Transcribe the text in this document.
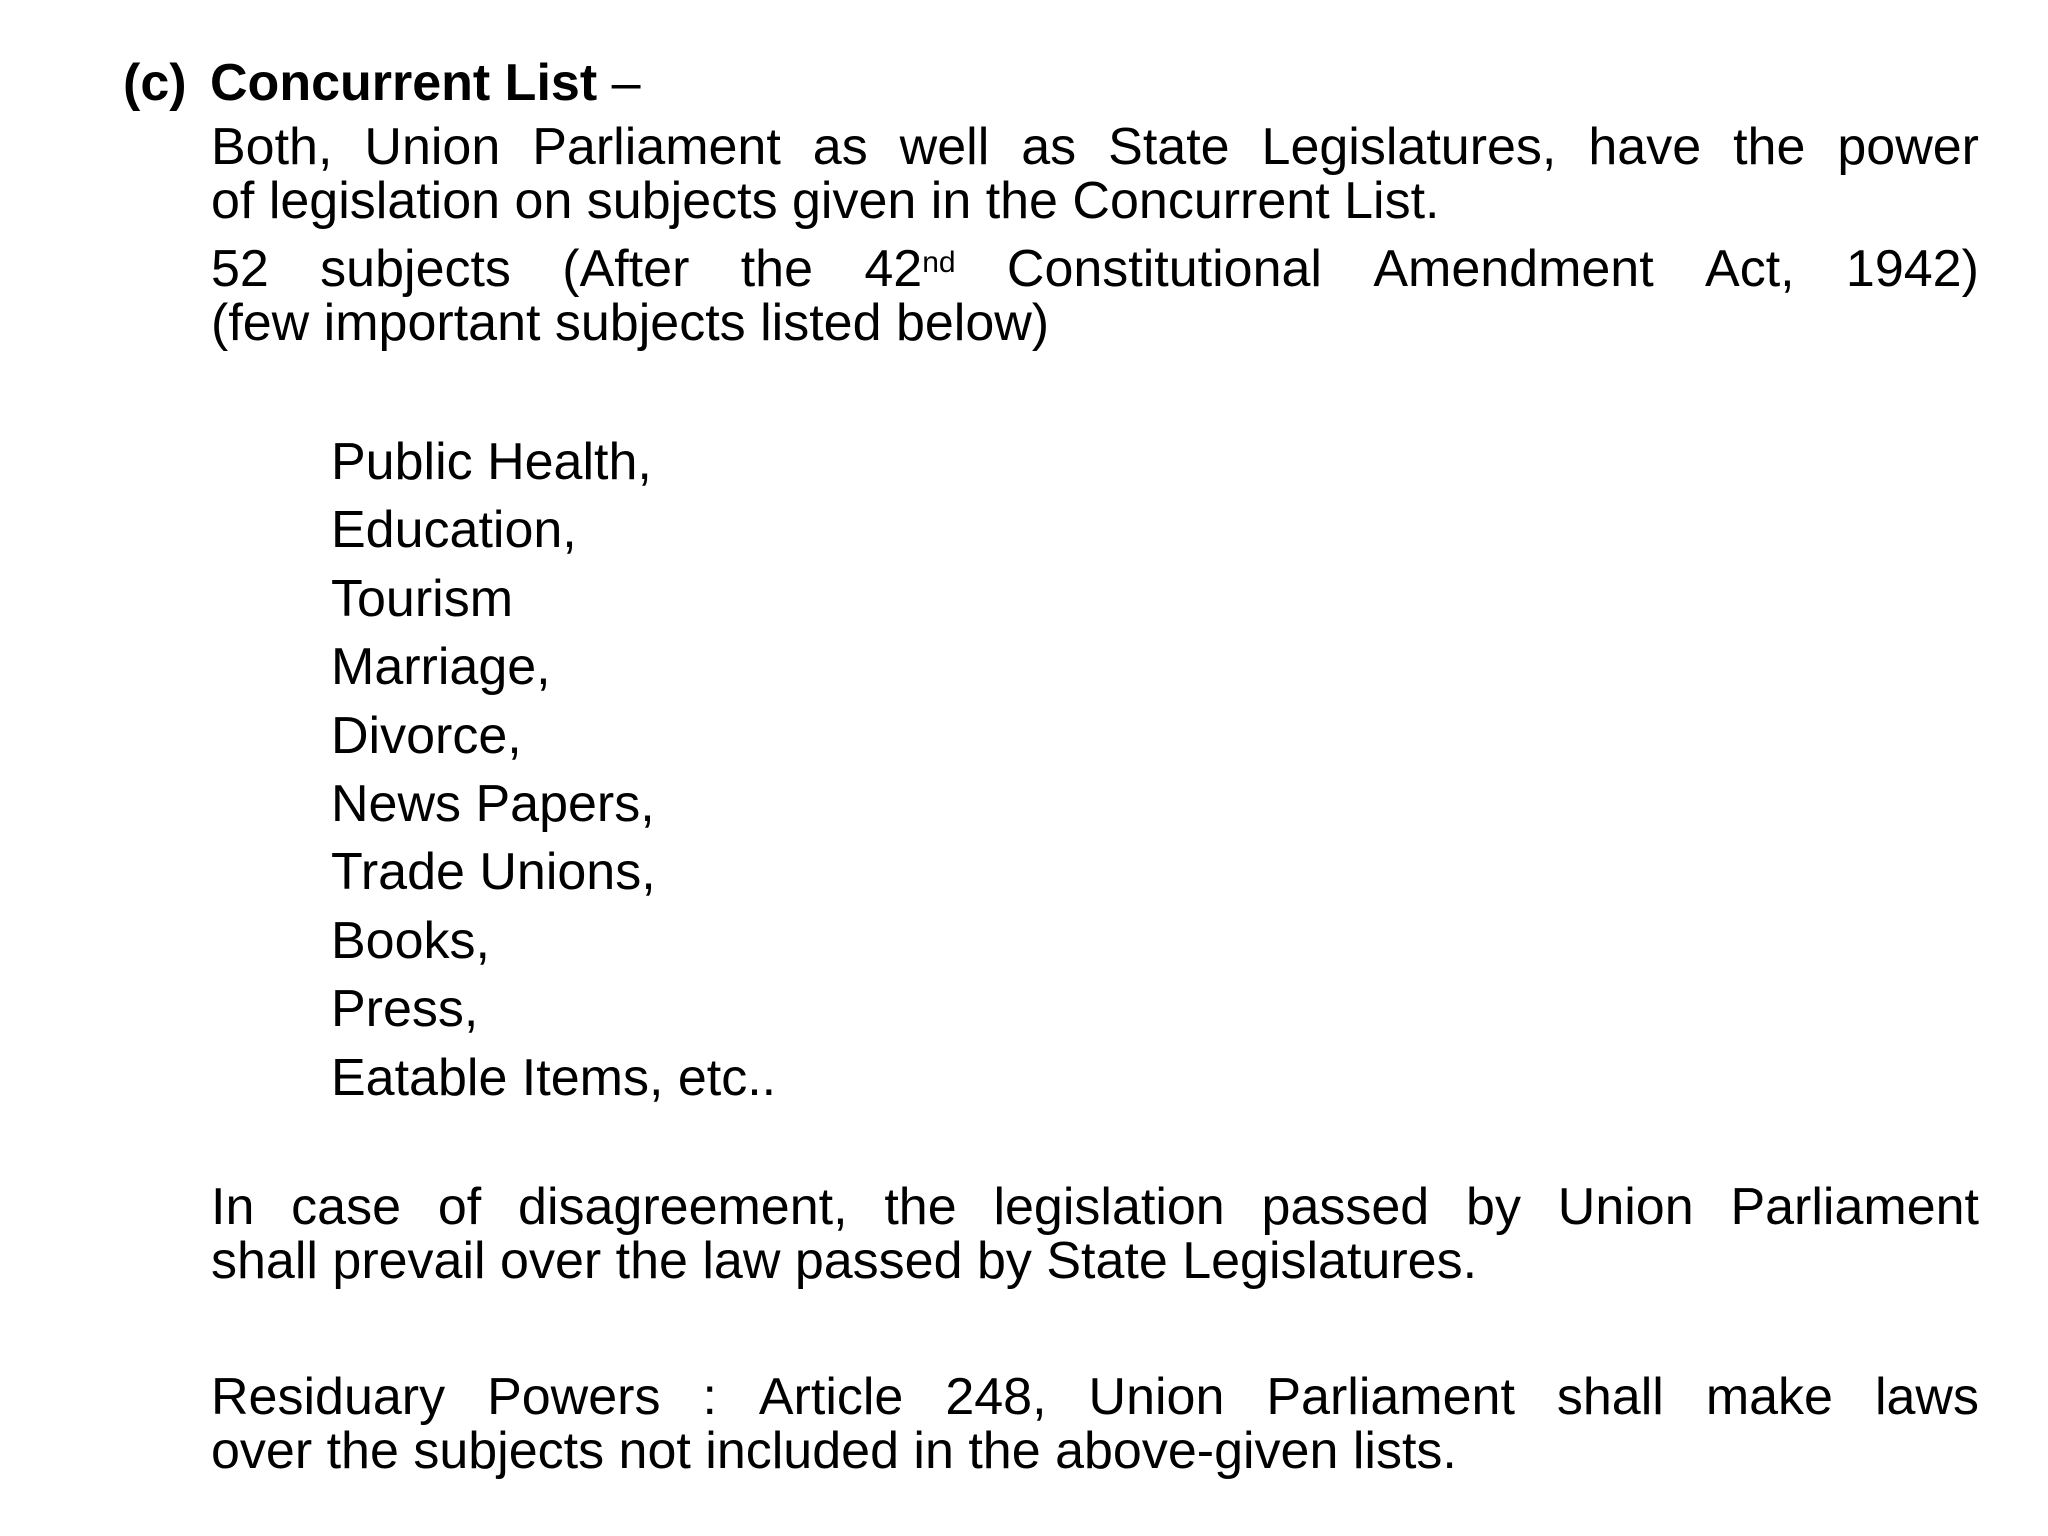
(c) Concurrent List –
Both, Union Parliament as well as State Legislatures, have the power
of legislation on subjects given in the Concurrent List.
52 subjects (After the 42nd Constitutional Amendment Act, 1942)
(few important subjects listed below)
Public Health,
Education,
Tourism
Marriage,
Divorce,
News Papers,
Trade Unions,
Books,
Press,
Eatable Items, etc..
In case of disagreement, the legislation passed by Union Parliament
shall prevail over the law passed by State Legislatures.
Residuary Powers : Article 248, Union Parliament shall make laws
over the subjects not included in the above-given lists.
